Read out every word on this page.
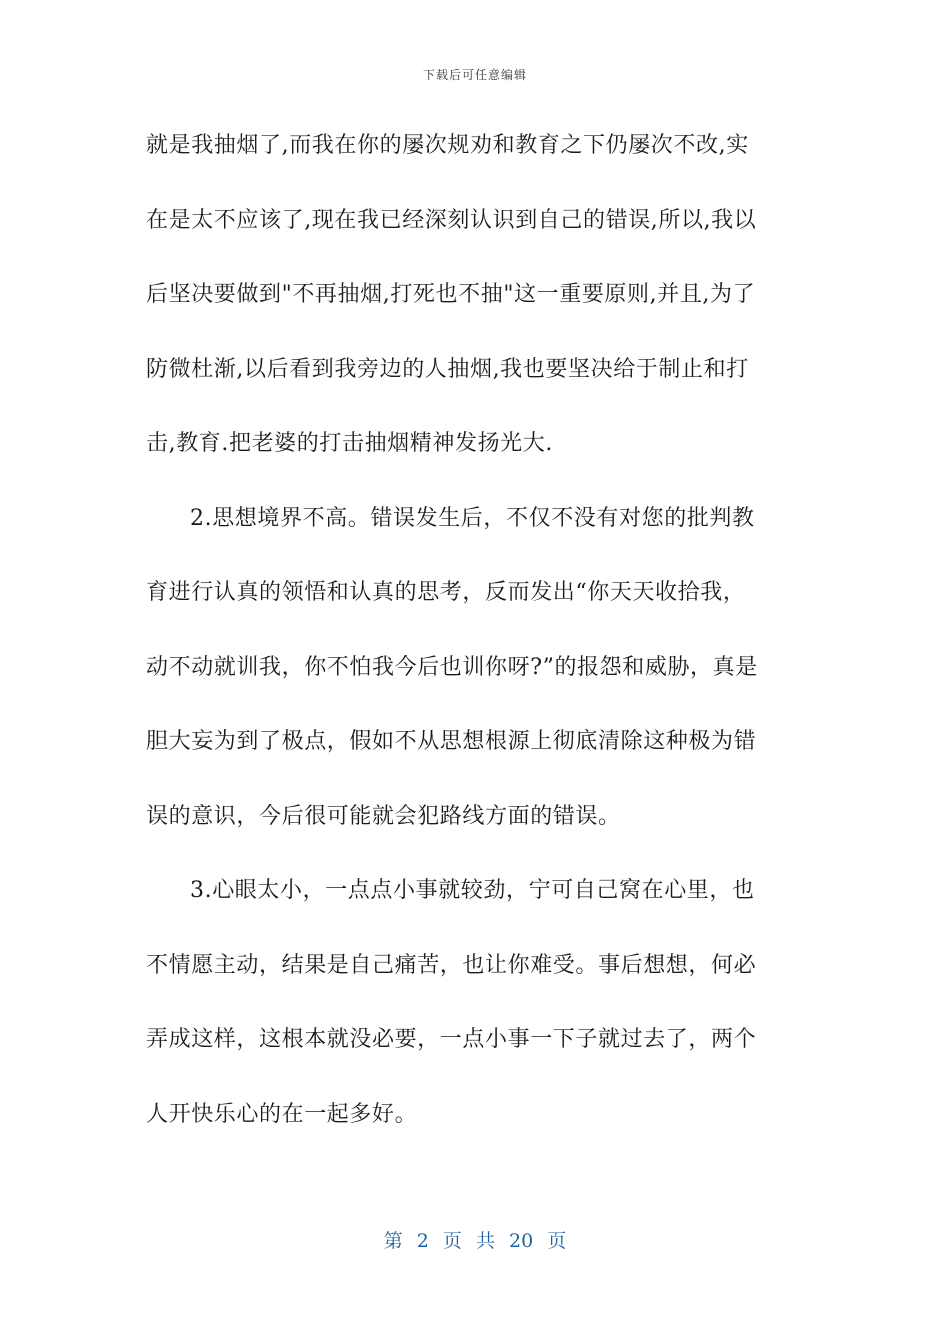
下载后可任意编辑
就是我抽烟了,而我在你的屡次规劝和教育之下仍屡次不改,实
在是太不应该了,现在我已经深刻认识到自己的错误,所以,我以
后坚决要做到"不再抽烟,打死也不抽"这一重要原则,并且,为了
防微杜渐,以后看到我旁边的人抽烟,我也要坚决给于制止和打
击,教育.把老婆的打击抽烟精神发扬光大.
2.思想境界不高。错误发生后，不仅不没有对您的批判教
育进行认真的领悟和认真的思考，反而发出“你天天收拾我，
动不动就训我，你不怕我今后也训你呀?”的报怨和威胁，真是
胆大妄为到了极点，假如不从思想根源上彻底清除这种极为错
误的意识，今后很可能就会犯路线方面的错误。
3.心眼太小，一点点小事就较劲，宁可自己窝在心里，也
不情愿主动，结果是自己痛苦，也让你难受。事后想想，何必
弄成这样，这根本就没必要，一点小事一下子就过去了，两个
人开快乐心的在一起多好。
第 2 页 共 20 页
